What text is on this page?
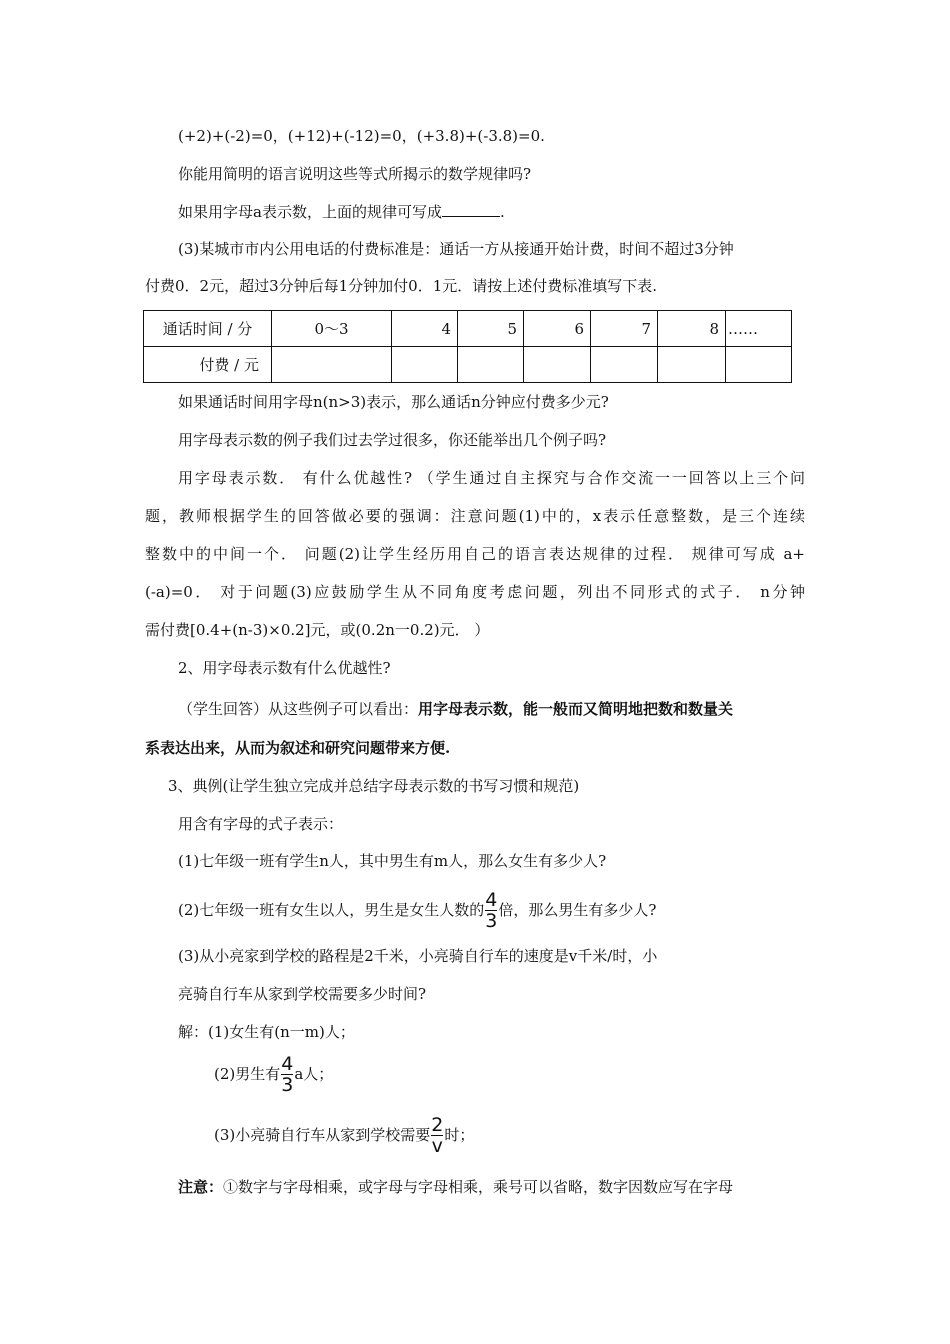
(+2)+(-2)=0，(+12)+(-12)=0，(+3.8)+(-3.8)=0.
你能用简明的语言说明这些等式所揭示的数学规律吗?
如果用字母a表示数，上面的规律可写成	.
(3)某城市市内公用电话的付费标准是：通话一方从接通开始计费，时间不超过3分钟
付费0．2元，超过3分钟后每1分钟加付0．1元．请按上述付费标准填写下表.
通话时间 / 分	0～3	4	5	6	7	8	……
付费 / 元							
如果通话时间用字母n(n>3)表示，那么通话n分钟应付费多少元?
用字母表示数的例子我们过去学过很多，你还能举出几个例子吗?
用字母表示数． 有什么优越性? （学生通过自主探究与合作交流一一回答以上三个问
题，教师根据学生的回答做必要的强调：注意问题(1)中的，x表示任意整数，是三个连续
整数中的中间一个． 问题(2)让学生经历用自己的语言表达规律的过程． 规律可写成 a+
(-a)=0． 对于问题(3)应鼓励学生从不同角度考虑问题，列出不同形式的式子． n分钟
需付费[0.4+(n-3)×0.2]元，或(0.2n一0.2)元． ）
2、用字母表示数有什么优越性?
（学生回答）从这些例子可以看出：用字母表示数，能一般而又简明地把数和数量关
系表达出来，从而为叙述和研究问题带来方便.
3、典例(让学生独立完成并总结字母表示数的书写习惯和规范)
用含有字母的式子表示：
(1)七年级一班有学生n人，其中男生有m人，那么女生有多少人?
(2)七年级一班有女生以人，男生是女生人数的 $\frac{4}{3}$ 倍，那么男生有多少人?
(3)从小亮家到学校的路程是2千米，小亮骑自行车的速度是v千米/时，小
亮骑自行车从家到学校需要多少时间?
解：(1)女生有(n一m)人；
(2)男生有 $\frac{4}{3}$ a人；
(3)小亮骑自行车从家到学校需要 $\frac{2}{v}$ 时；
注意：①数字与字母相乘，或字母与字母相乘，乘号可以省略，数字因数应写在字母
